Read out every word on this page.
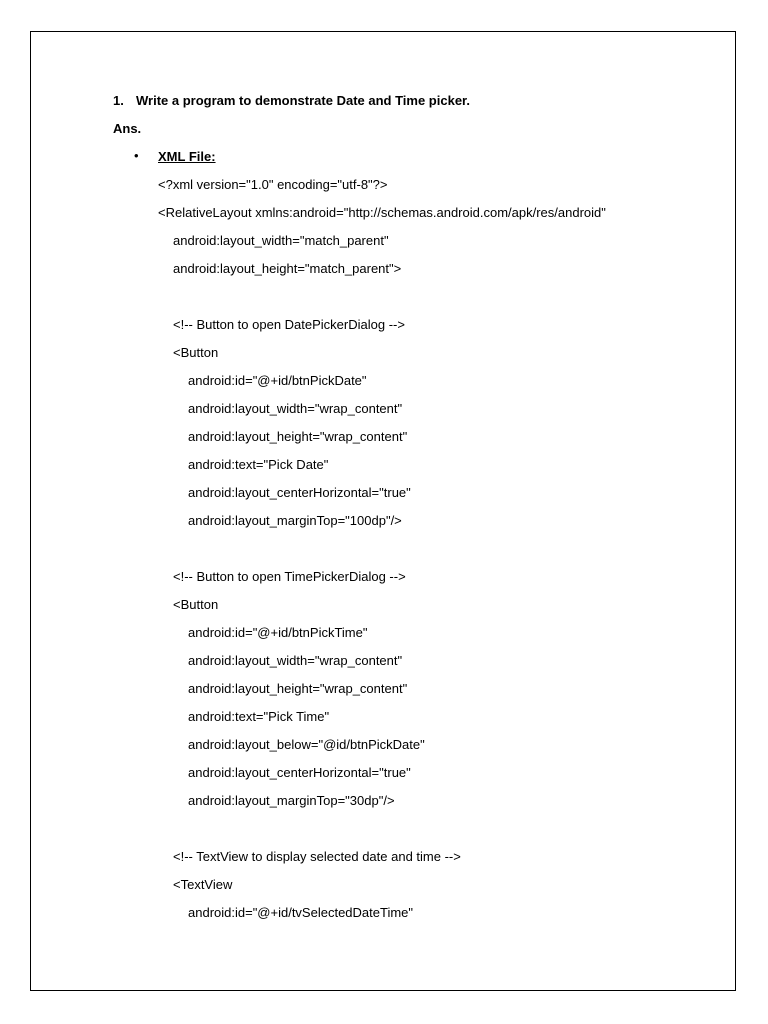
1. Write a program to demonstrate Date and Time picker.
Ans.
• XML File:
<?xml version="1.0" encoding="utf-8"?>
<RelativeLayout xmlns:android="http://schemas.android.com/apk/res/android"
android:layout_width="match_parent"
android:layout_height="match_parent">
<!-- Button to open DatePickerDialog -->
<Button
android:id="@+id/btnPickDate"
android:layout_width="wrap_content"
android:layout_height="wrap_content"
android:text="Pick Date"
android:layout_centerHorizontal="true"
android:layout_marginTop="100dp"/>
<!-- Button to open TimePickerDialog -->
<Button
android:id="@+id/btnPickTime"
android:layout_width="wrap_content"
android:layout_height="wrap_content"
android:text="Pick Time"
android:layout_below="@id/btnPickDate"
android:layout_centerHorizontal="true"
android:layout_marginTop="30dp"/>
<!-- TextView to display selected date and time -->
<TextView
android:id="@+id/tvSelectedDateTime"
